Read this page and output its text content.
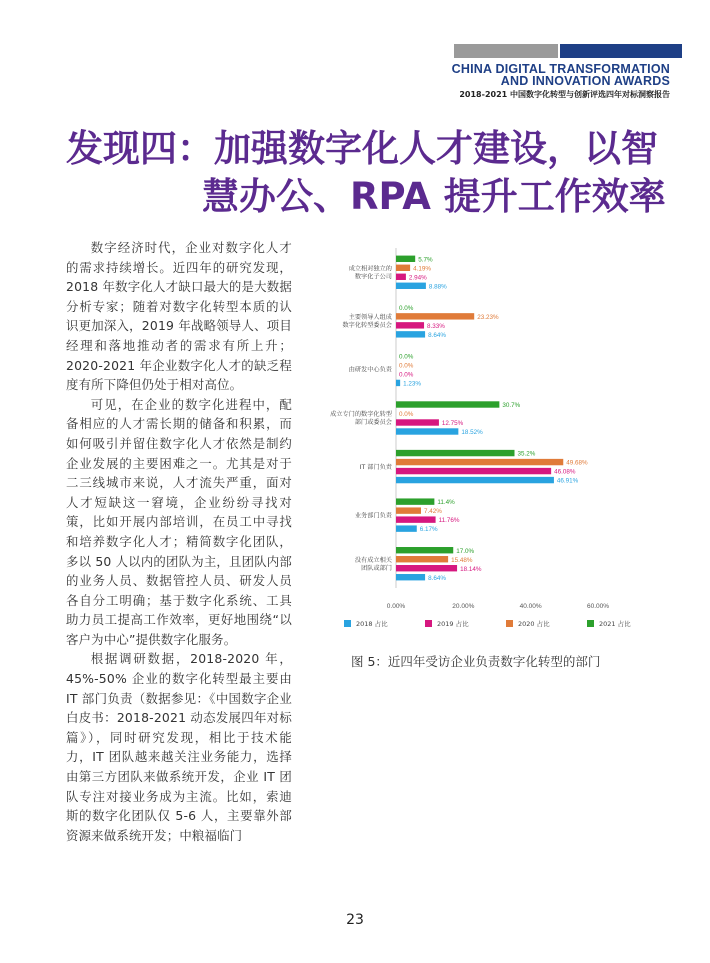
CHINA DIGITAL TRANSFORMATION
AND INNOVATION AWARDS
2018-2021 中国数字化转型与创新评选四年对标洞察报告
发现四：加强数字化人才建设，以智
慧办公、RPA 提升工作效率

数字经济时代，企业对数字化人才的需求持续增长。近四年的研究发现，2018 年数字化人才缺口最大的是大数据分析专家；随着对数字化转型本质的认识更加深入，2019 年战略领导人、项目经理和落地推动者的需求有所上升；2020-2021 年企业数字化人才的缺乏程度有所下降但仍处于相对高位。

可见，在企业的数字化进程中，配备相应的人才需长期的储备和积累，而如何吸引并留住数字化人才依然是制约企业发展的主要困难之一。尤其是对于二三线城市来说，人才流失严重，面对人才短缺这一窘境，企业纷纷寻找对策，比如开展内部培训，在员工中寻找和培养数字化人才；精简数字化团队，多以 50 人以内的团队为主，且团队内部的业务人员、数据管控人员、研发人员各自分工明确；基于数字化系统、工具助力员工提高工作效率，更好地围绕“以客户为中心”提供数字化服务。

根据调研数据，2018-2020 年，45%-50% 企业的数字化转型最主要由 IT 部门负责（数据参见：《中国数字企业白皮书：2018-2021 动态发展四年对标篇》），同时研究发现，相比于技术能力，IT 团队越来越关注业务能力，选择由第三方团队来做系统开发，企业 IT 团队专注对接业务成为主流。比如，索迪斯的数字化团队仅 5-6 人，主要靠外部资源来做系统开发；中粮福临门

5.7%
4.19%
2.94%
8.88%
成立相对独立的
数字化子公司
0.0%
23.23%
8.33%
8.64%
主要领导人组成
数字化转型委员会
0.0%
0.0%
0.0%
1.23%
由研发中心负责
30.7%
0.0%
12.75%
18.52%
成立专门的数字化转型
部门或委员会
35.2%
49.68%
46.08%
46.91%
IT 部门负责
11.4%
7.42%
11.76%
6.17%
业务部门负责
17.0%
15.48%
18.14%
8.64%
没有成立相关
团队或部门
0.00%	20.00%	40.00%	60.00%
2018 占比	2019 占比	2020 占比	2021 占比
图 5：近四年受访企业负责数字化转型的部门
23
